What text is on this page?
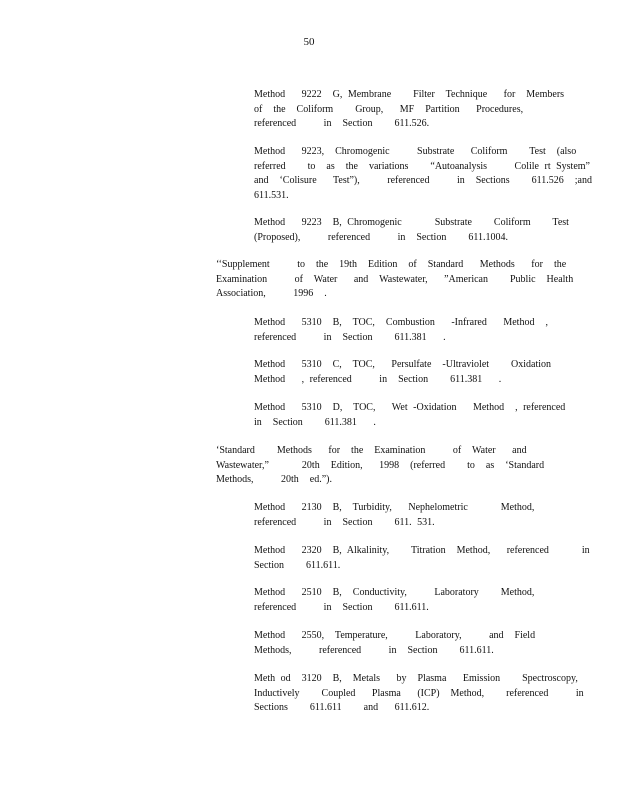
50
Method   9222  G, Membrane    Filter  Technique   for  Members
of  the  Coliform    Group,   MF  Partition   Procedures,
referenced     in  Section    611.526.
Method   9223,  Chromogenic     Substrate   Coliform    Test  (also
referred    to  as  the  variations    “Autoanalysis     Colile rt System”
and  ‘Colisure   Test”),     referenced     in  Sections    611.526  ;and
611.531.
Method   9223  B, Chromogenic      Substrate    Coliform    Test
(Proposed),     referenced     in  Section    611.1004.
‘‘Supplement     to  the  19th  Edition  of  Standard   Methods   for  the
Examination     of  Water   and  Wastewater,   ”American    Public  Health
Association,     1996  .
Method   5310  B,  TOC,  Combustion   -Infrared   Method  ,
referenced     in  Section    611.381   .
Method   5310  C,  TOC,   Persulfate  -Ultraviolet    Oxidation
Method   , referenced     in  Section    611.381   .
Method   5310  D,  TOC,   Wet -Oxidation   Method  , referenced
in  Section    611.381   .
‘Standard    Methods   for  the  Examination     of  Water   and
Wastewater,”      20th  Edition,   1998  (referred    to  as  ‘Standard
Methods,     20th  ed.”).
Method   2130  B,  Turbidity,   Nephelometric      Method,
referenced     in  Section    611. 531.
Method   2320  B, Alkalinity,    Titration  Method,   referenced      in
Section    611.611.
Method   2510  B,  Conductivity,     Laboratory    Method,
referenced     in  Section    611.611.
Method   2550,  Temperature,     Laboratory,     and  Field
Methods,     referenced     in  Section    611.611.
Meth od  3120  B,  Metals   by  Plasma   Emission    Spectroscopy,
Inductively    Coupled   Plasma   (ICP)  Method,    referenced     in
Sections    611.611    and   611.612.
